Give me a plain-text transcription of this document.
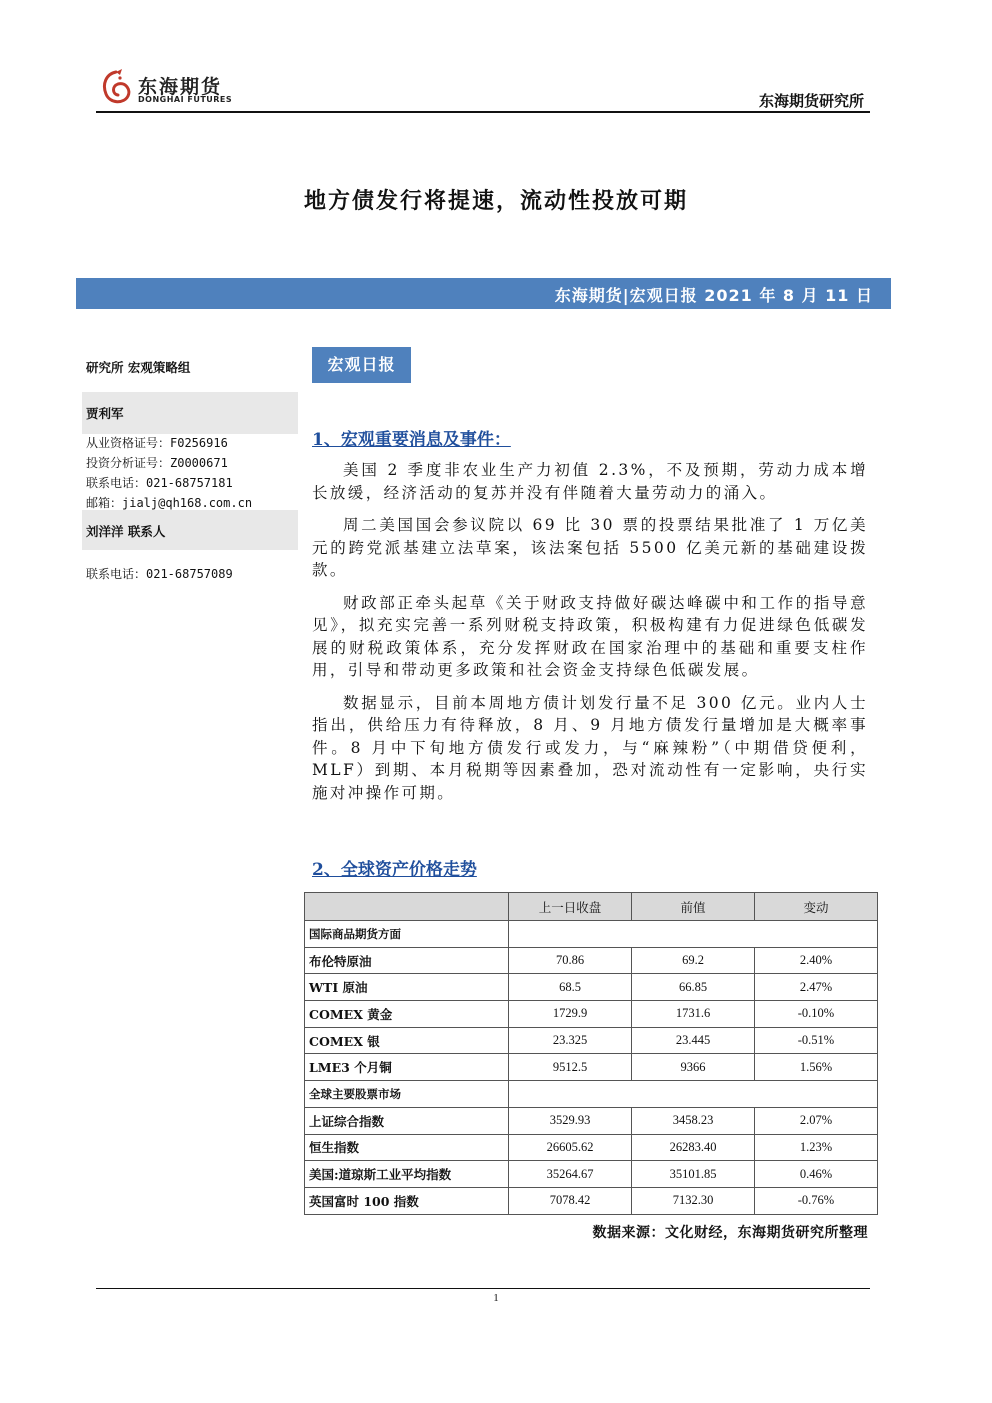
东海期货
DONGHAI FUTURES	东海期货研究所
地方债发行将提速，流动性投放可期
东海期货|宏观日报 2021 年 8 月 11 日
研究所 宏观策略组
贾利军
从业资格证号：F0256916
投资分析证号：Z0000671
联系电话：021-68757181
邮箱：jialj@qh168.com.cn
刘洋洋 联系人
联系电话：021-68757089
宏观日报
1、宏观重要消息及事件：

美国 2 季度非农业生产力初值 2.3%，不及预期，劳动力成本增长放缓，经济活动的复苏并没有伴随着大量劳动力的涌入。

周二美国国会参议院以 69 比 30 票的投票结果批准了 1 万亿美元的跨党派基建立法草案，该法案包括 5500 亿美元新的基础建设拨款。

财政部正牵头起草《关于财政支持做好碳达峰碳中和工作的指导意见》，拟充实完善一系列财税支持政策，积极构建有力促进绿色低碳发展的财税政策体系，充分发挥财政在国家治理中的基础和重要支柱作用，引导和带动更多政策和社会资金支持绿色低碳发展。

数据显示，目前本周地方债计划发行量不足 300 亿元。业内人士指出，供给压力有待释放，8 月、9 月地方债发行量增加是大概率事件。8 月中下旬地方债发行或发力，与“麻辣粉”（中期借贷便利，MLF）到期、本月税期等因素叠加，恐对流动性有一定影响，央行实施对冲操作可期。

2、全球资产价格走势
	上一日收盘	前值	变动
国际商品期货方面			
布伦特原油	70.86	69.2	2.40%
WTI 原油	68.5	66.85	2.47%
COMEX 黄金	1729.9	1731.6	-0.10%
COMEX 银	23.325	23.445	-0.51%
LME3 个月铜	9512.5	9366	1.56%
全球主要股票市场			
上证综合指数	3529.93	3458.23	2.07%
恒生指数	26605.62	26283.40	1.23%
美国:道琼斯工业平均指数	35264.67	35101.85	0.46%
英国富时 100 指数	7078.42	7132.30	-0.76%
数据来源：文化财经，东海期货研究所整理
1
